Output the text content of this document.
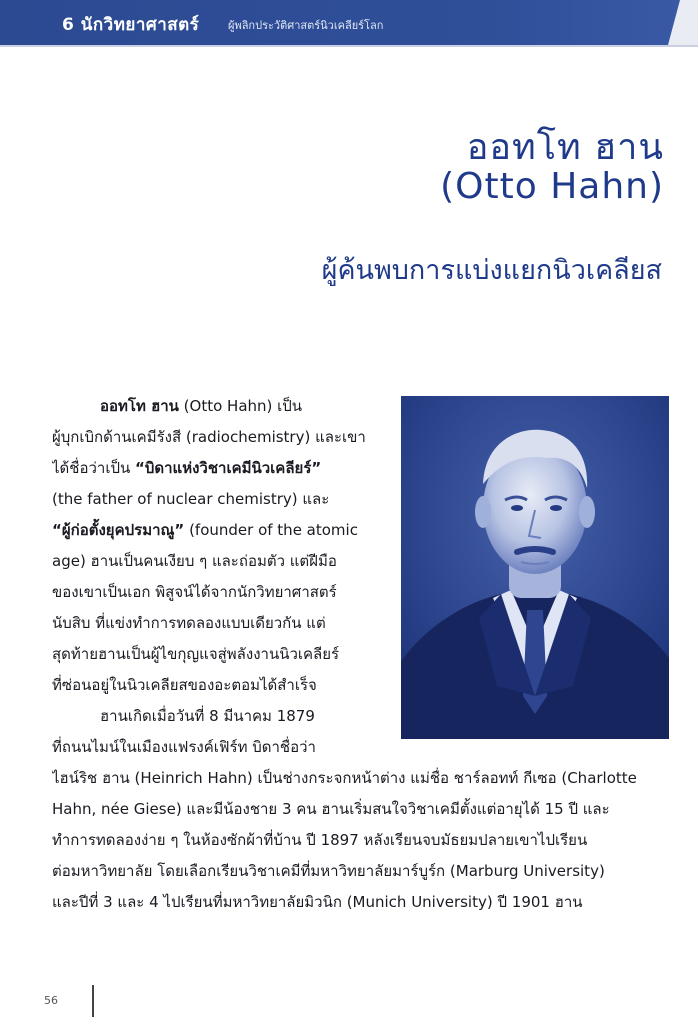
6 นักวิทยาศาสตร์	ผู้พลิกประวัติศาสตร์นิวเคลียร์โลก
ออทโท ฮาน
(Otto Hahn)
ผู้ค้นพบการแบ่งแยกนิวเคลียส
ออทโท ฮาน (Otto Hahn) เป็น
ผู้บุกเบิกด้านเคมีรังสี (radiochemistry) และเขา
ได้ชื่อว่าเป็น “บิดาแห่งวิชาเคมีนิวเคลียร์”
(the father of nuclear chemistry) และ
“ผู้ก่อตั้งยุคปรมาณู” (founder of the atomic
age) ฮานเป็นคนเงียบ ๆ และถ่อมตัว แต่ฝีมือ
ของเขาเป็นเอก พิสูจน์ได้จากนักวิทยาศาสตร์
นับสิบ ที่แข่งทำการทดลองแบบเดียวกัน แต่
สุดท้ายฮานเป็นผู้ไขกุญแจสู่พลังงานนิวเคลียร์
ที่ซ่อนอยู่ในนิวเคลียสของอะตอมได้สำเร็จ
ฮานเกิดเมื่อวันที่ 8 มีนาคม 1879
ที่ถนนไมน์ในเมืองแฟรงค์เฟิร์ท บิดาชื่อว่า
ไฮน์ริช ฮาน (Heinrich Hahn) เป็นช่างกระจกหน้าต่าง แม่ชื่อ ชาร์ลอทท์ กีเซอ (Charlotte
Hahn, née Giese) และมีน้องชาย 3 คน ฮานเริ่มสนใจวิชาเคมีตั้งแต่อายุได้ 15 ปี และ
ทำการทดลองง่าย ๆ ในห้องซักผ้าที่บ้าน ปี 1897 หลังเรียนจบมัธยมปลายเขาไปเรียน
ต่อมหาวิทยาลัย โดยเลือกเรียนวิชาเคมีที่มหาวิทยาลัยมาร์บูร์ก (Marburg University)
และปีที่ 3 และ 4 ไปเรียนที่มหาวิทยาลัยมิวนิก (Munich University) ปี 1901 ฮาน
56
